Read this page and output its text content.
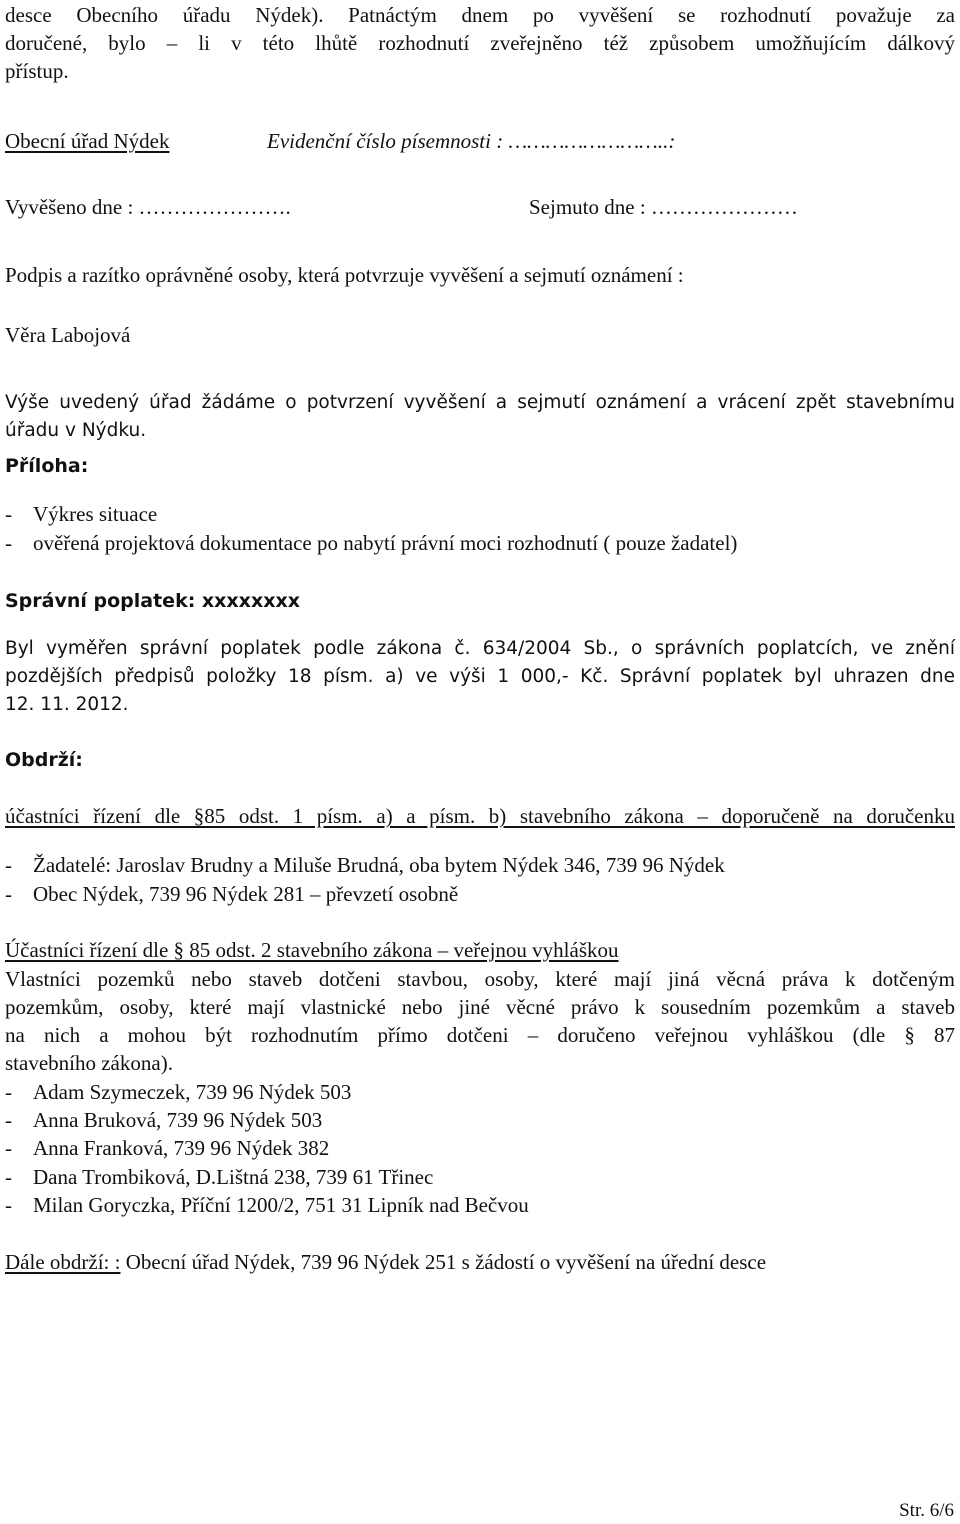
desce Obecního úřadu Nýdek). Patnáctým dnem po vyvěšení se rozhodnutí považuje za
doručené, bylo – li v této lhůtě rozhodnutí zveřejněno též způsobem umožňujícím dálkový
přístup.
Obecní úřad Nýdek	Evidenční číslo písemnosti : ……………………..:
Vyvěšeno dne : ………………….	Sejmuto dne : …………………
Podpis a razítko oprávněné osoby, která potvrzuje vyvěšení a sejmutí oznámení :
Věra Labojová
Výše uvedený úřad žádáme o potvrzení vyvěšení a sejmutí oznámení a vrácení zpět stavebnímu
úřadu v Nýdku.
Příloha:
- Výkres situace
- ověřená projektová dokumentace po nabytí právní moci rozhodnutí ( pouze žadatel)
Správní poplatek: xxxxxxxx
Byl vyměřen správní poplatek podle zákona č. 634/2004 Sb., o správních poplatcích, ve znění
pozdějších předpisů položky 18 písm. a) ve výši 1 000,- Kč. Správní poplatek byl uhrazen dne
12. 11. 2012.
Obdrží:
účastníci řízení dle §85 odst. 1 písm. a) a písm. b) stavebního zákona – doporučeně na doručenku
- Žadatelé: Jaroslav Brudny a Miluše Brudná, oba bytem Nýdek 346, 739 96 Nýdek
- Obec Nýdek, 739 96 Nýdek 281 – převzetí osobně
Účastníci řízení dle § 85 odst. 2 stavebního zákona – veřejnou vyhláškou
Vlastníci pozemků nebo staveb dotčeni stavbou, osoby, které mají jiná věcná práva k dotčeným
pozemkům, osoby, které mají vlastnické nebo jiné věcné právo k sousedním pozemkům a staveb
na nich a mohou být rozhodnutím přímo dotčeni – doručeno veřejnou vyhláškou (dle § 87
stavebního zákona).
- Adam Szymeczek, 739 96 Nýdek 503
- Anna Bruková, 739 96 Nýdek 503
- Anna Franková, 739 96 Nýdek 382
- Dana Trombiková, D.Lištná 238, 739 61 Třinec
- Milan Goryczka, Příční 1200/2, 751 31 Lipník nad Bečvou
Dále obdrží: : Obecní úřad Nýdek, 739 96 Nýdek 251 s žádostí o vyvěšení na úřední desce
Str. 6/6
